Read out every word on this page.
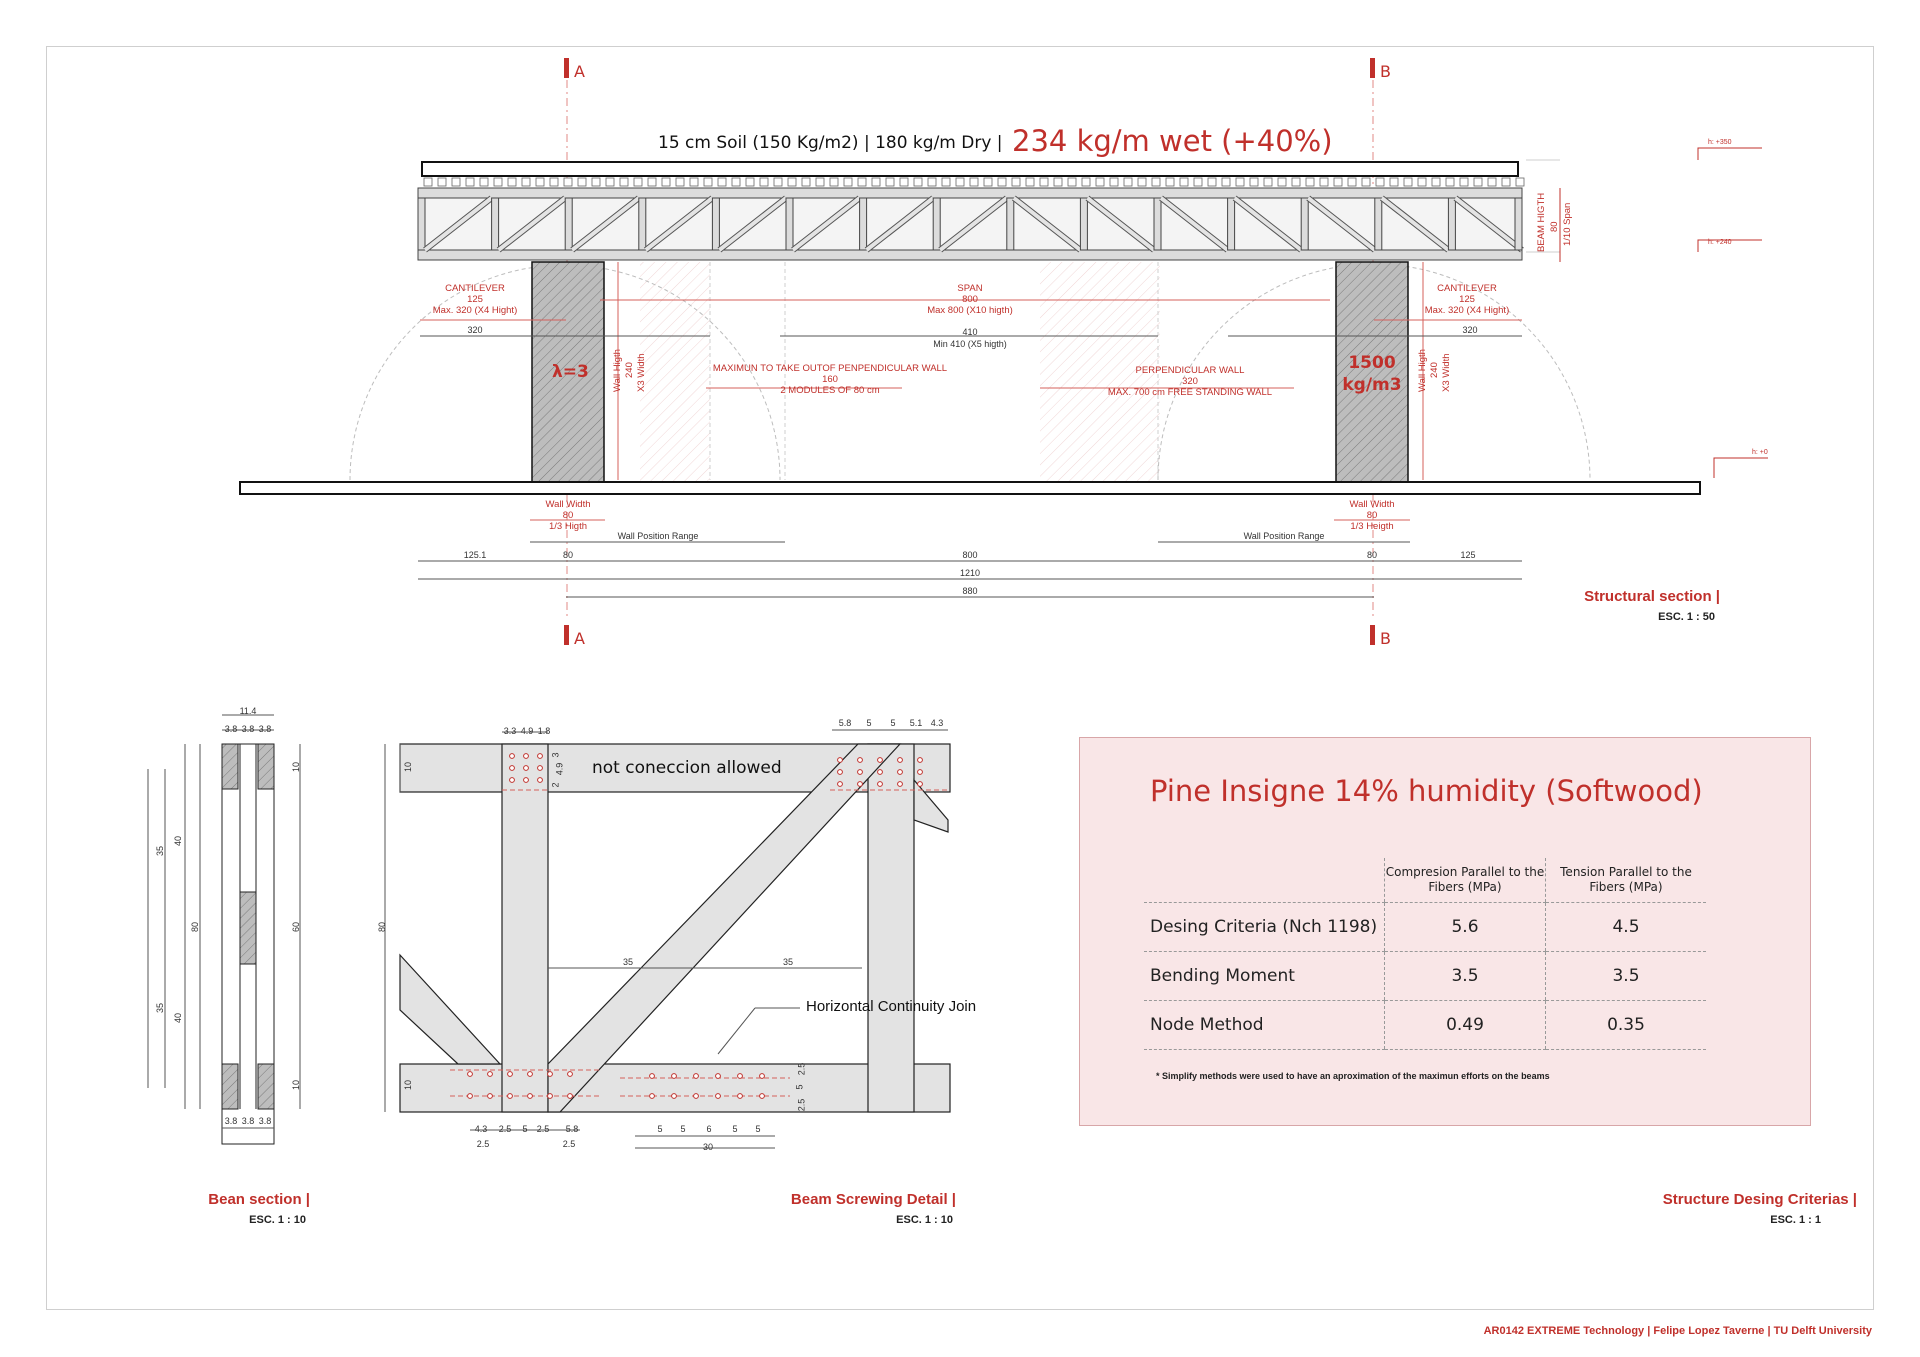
A	B
A	B
15 cm Soil (150 Kg/m2) | 180 kg/m Dry | 234 kg/m wet (+40%)	h: +350
h: +240
h: +0
BEAM HIGTH 80 1/10 Span
CANTILEVER
125
Max. 320 (X4 Hight)
320
CANTILEVER
125
Max. 320 (X4 Hight)
320
SPAN
800
Max 800 (X10 higth)
410
Min 410 (X5 higth)
Wall Higth 240 X3 Width	Wall Higth 240 X3 Width
λ=3	1500
kg/m3
MAXIMUN TO TAKE OUTOF PENPENDICULAR WALL
160
2 MODULES OF 80 cm
PERPENDICULAR WALL
320
MAX. 700 cm FREE STANDING WALL
Wall Width
80
1/3 Higth
Wall Width
80
1/3 Heigth
Wall Position Range	Wall Position Range
125.1	80	800	80	125
1210
880	Structural section |
ESC. 1 : 50
Bean section |
ESC. 1 : 10
Beam Screwing Detail |
ESC. 1 : 10
Structure Desing Criterias |
ESC. 1 : 1
11.4
3.8 3.8 3.8
3.8 3.8 3.8
35
40
80
35
40
10
60
10
not coneccion allowed
Horizontal Continuity Join
3.3 4.9 1.8
5.8	5	5	5.1 4.3
2
4.9
3
10
80
10
35	35
4.3	2.5	5	2.5	5.8
2.5	2.5
5	5	6	5	5
30
2.5
5
2.5
Pine Insigne 14% humidity (Softwood)
	Compresion Parallel to the Fibers (MPa)	Tension Parallel to the Fibers (MPa)
Desing Criteria (Nch 1198)	5.6	4.5
Bending Moment	3.5	3.5
Node Method	0.49	0.35
* Simplify methods were used to have an aproximation of the maximun efforts on the beams
AR0142 EXTREME Technology | Felipe Lopez Taverne | TU Delft University
